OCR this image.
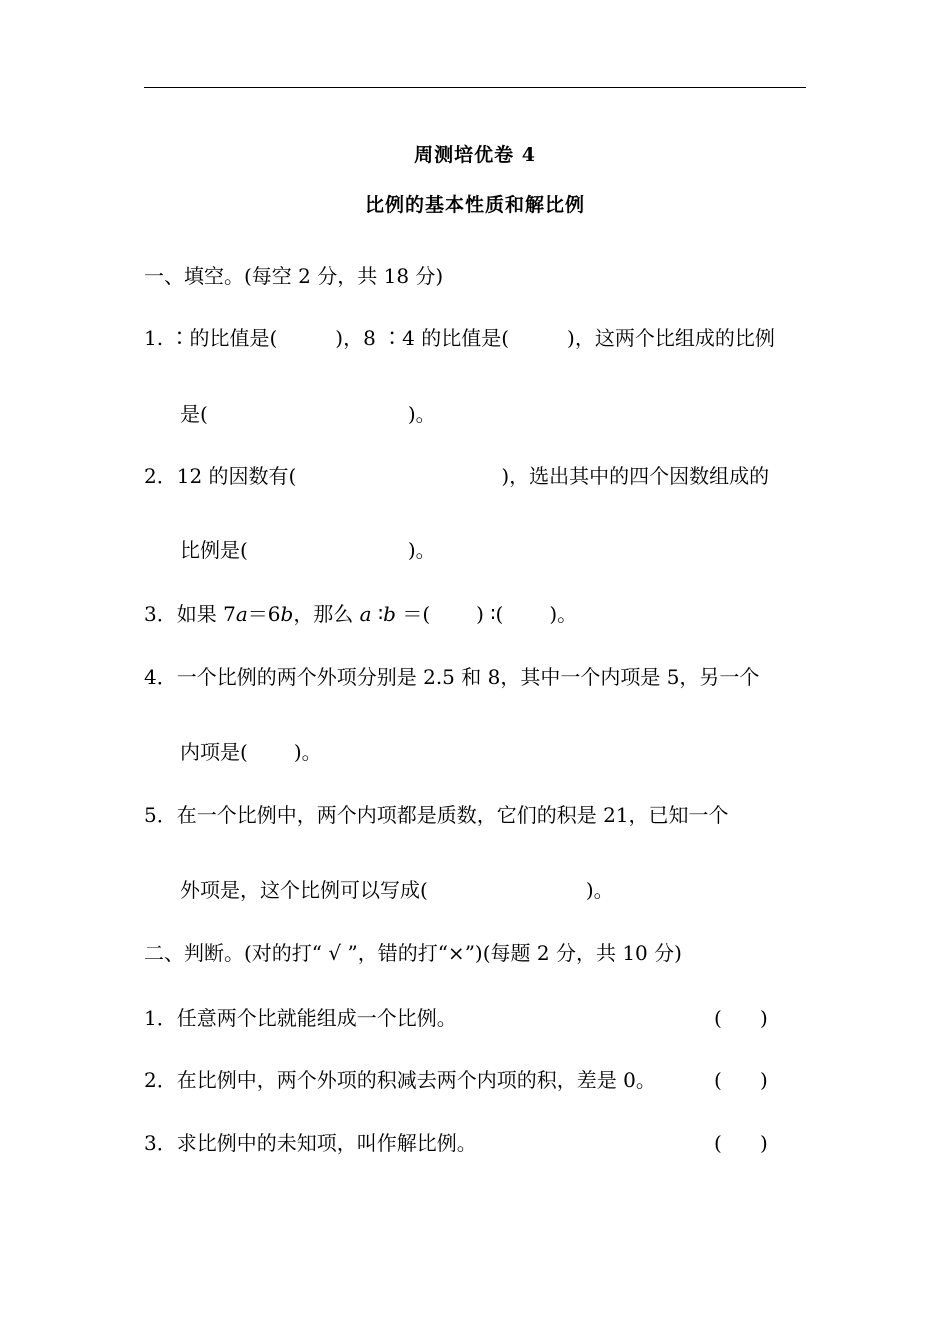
周测培优卷 4
比例的基本性质和解比例
一、填空。(每空 2 分，共 18 分)
1. ∶的比值是(	)，8 ∶4 的比值是(	)，这两个比组成的比例
是(	)。
2．12 的因数有(	)，选出其中的四个因数组成的
比例是(	)。
3．如果 7a＝6b，那么 a ∶b ＝( ) ∶( )。
4．一个比例的两个外项分别是 2.5 和 8，其中一个内项是 5，另一个
内项是( )。
5．在一个比例中，两个内项都是质数，它们的积是 21，已知一个
外项是，这个比例可以写成(	)。
二、判断。(对的打“ √ ”，错的打“×”)(每题 2 分，共 10 分)
1．任意两个比就能组成一个比例。	(      )
2．在比例中，两个外项的积减去两个内项的积，差是 0。	(      )
3．求比例中的未知项，叫作解比例。	(      )
